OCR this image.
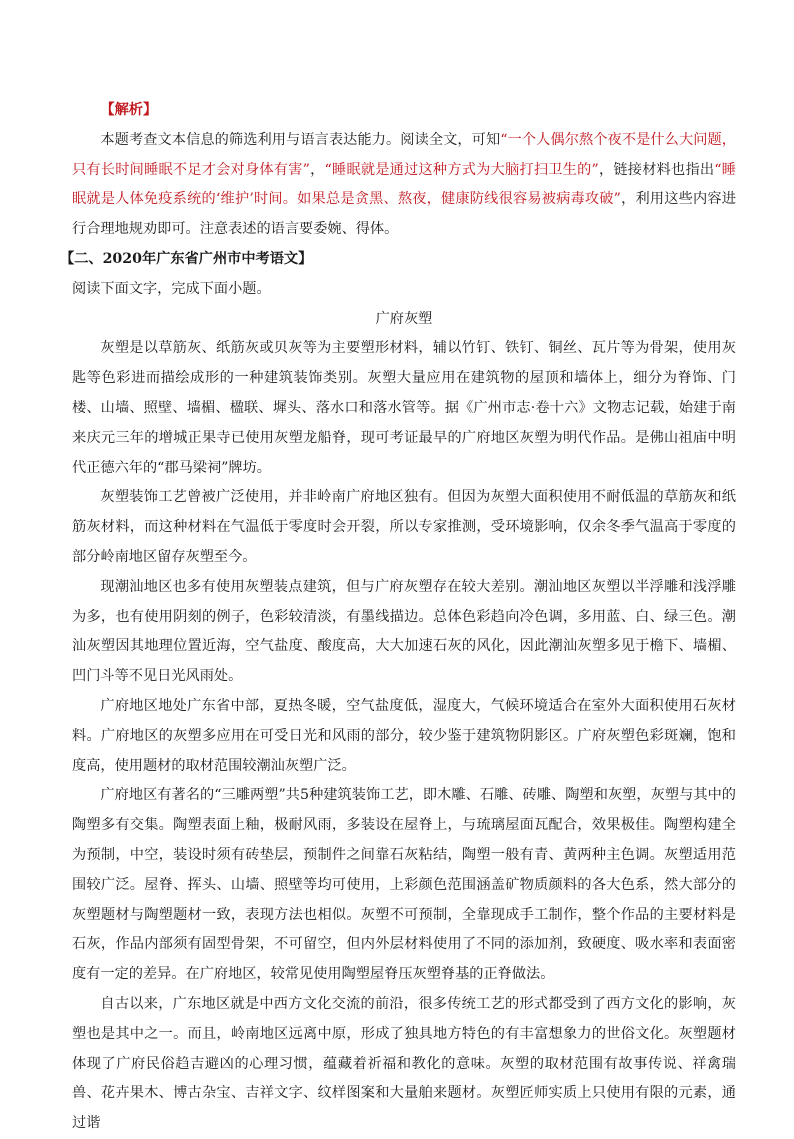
【解析】

本题考查文本信息的筛选利用与语言表达能力。阅读全文，可知“一个人偶尔熬个夜不是什么大问题，只有长时间睡眠不足才会对身体有害”，“睡眠就是通过这种方式为大脑打扫卫生的”，链接材料也指出“睡眠就是人体免疫系统的‘维护’时间。如果总是贪黑、熬夜，健康防线很容易被病毒攻破”，利用这些内容进行合理地规劝即可。注意表述的语言要委婉、得体。

【二、2020年广东省广州市中考语文】

阅读下面文字，完成下面小题。

广府灰塑

灰塑是以草筋灰、纸筋灰或贝灰等为主要塑形材料，辅以竹钉、铁钉、铜丝、瓦片等为骨架，使用灰匙等色彩进而描绘成形的一种建筑装饰类别。灰塑大量应用在建筑物的屋顶和墙体上，细分为脊饰、门楼、山墙、照壁、墙楣、楹联、墀头、落水口和落水管等。据《广州市志·卷十六》文物志记载，始建于南来庆元三年的增城正果寺已使用灰塑龙船脊，现可考证最早的广府地区灰塑为明代作品。是佛山祖庙中明代正德六年的“郡马梁祠”牌坊。

灰塑装饰工艺曾被广泛使用，并非岭南广府地区独有。但因为灰塑大面积使用不耐低温的草筋灰和纸筋灰材料，而这种材料在气温低于零度时会开裂，所以专家推测，受环境影响，仅余冬季气温高于零度的部分岭南地区留存灰塑至今。

现潮汕地区也多有使用灰塑装点建筑，但与广府灰塑存在较大差别。潮汕地区灰塑以半浮雕和浅浮雕为多，也有使用阴刻的例子，色彩较清淡，有墨线描边。总体色彩趋向冷色调，多用蓝、白、绿三色。潮汕灰塑因其地理位置近海，空气盐度、酸度高，大大加速石灰的风化，因此潮汕灰塑多见于檐下、墙楣、凹门斗等不见日光风雨处。

广府地区地处广东省中部，夏热冬暖，空气盐度低，湿度大，气候环境适合在室外大面积使用石灰材料。广府地区的灰塑多应用在可受日光和风雨的部分，较少鉴于建筑物阴影区。广府灰塑色彩斑斓，饱和度高，使用题材的取材范围较潮汕灰塑广泛。

广府地区有著名的“三雕两塑”共5种建筑装饰工艺，即木雕、石雕、砖雕、陶塑和灰塑，灰塑与其中的陶塑多有交集。陶塑表面上釉，极耐风雨，多装设在屋脊上，与琉璃屋面瓦配合，效果极佳。陶塑构建全为预制，中空，装设时须有砖垫层，预制件之间靠石灰粘结，陶塑一般有青、黄两种主色调。灰塑适用范围较广泛。屋脊、挥头、山墙、照壁等均可使用，上彩颜色范围涵盖矿物质颜料的各大色系，然大部分的灰塑题材与陶塑题材一致，表现方法也相似。灰塑不可预制，全靠现成手工制作，整个作品的主要材料是石灰，作品内部须有固型骨架，不可留空，但内外层材料使用了不同的添加剂，致硬度、吸水率和表面密度有一定的差异。在广府地区，较常见使用陶塑屋脊压灰塑脊基的正脊做法。

自古以来，广东地区就是中西方文化交流的前沿，很多传统工艺的形式都受到了西方文化的影响，灰塑也是其中之一。而且，岭南地区远离中原，形成了独具地方特色的有丰富想象力的世俗文化。灰塑题材体现了广府民俗趋吉避凶的心理习惯，蕴藏着祈福和教化的意味。灰塑的取材范围有故事传说、祥禽瑞兽、花卉果木、博古杂宝、吉祥文字、纹样图案和大量舶来题材。灰塑匠师实质上只使用有限的元素，通过谐
